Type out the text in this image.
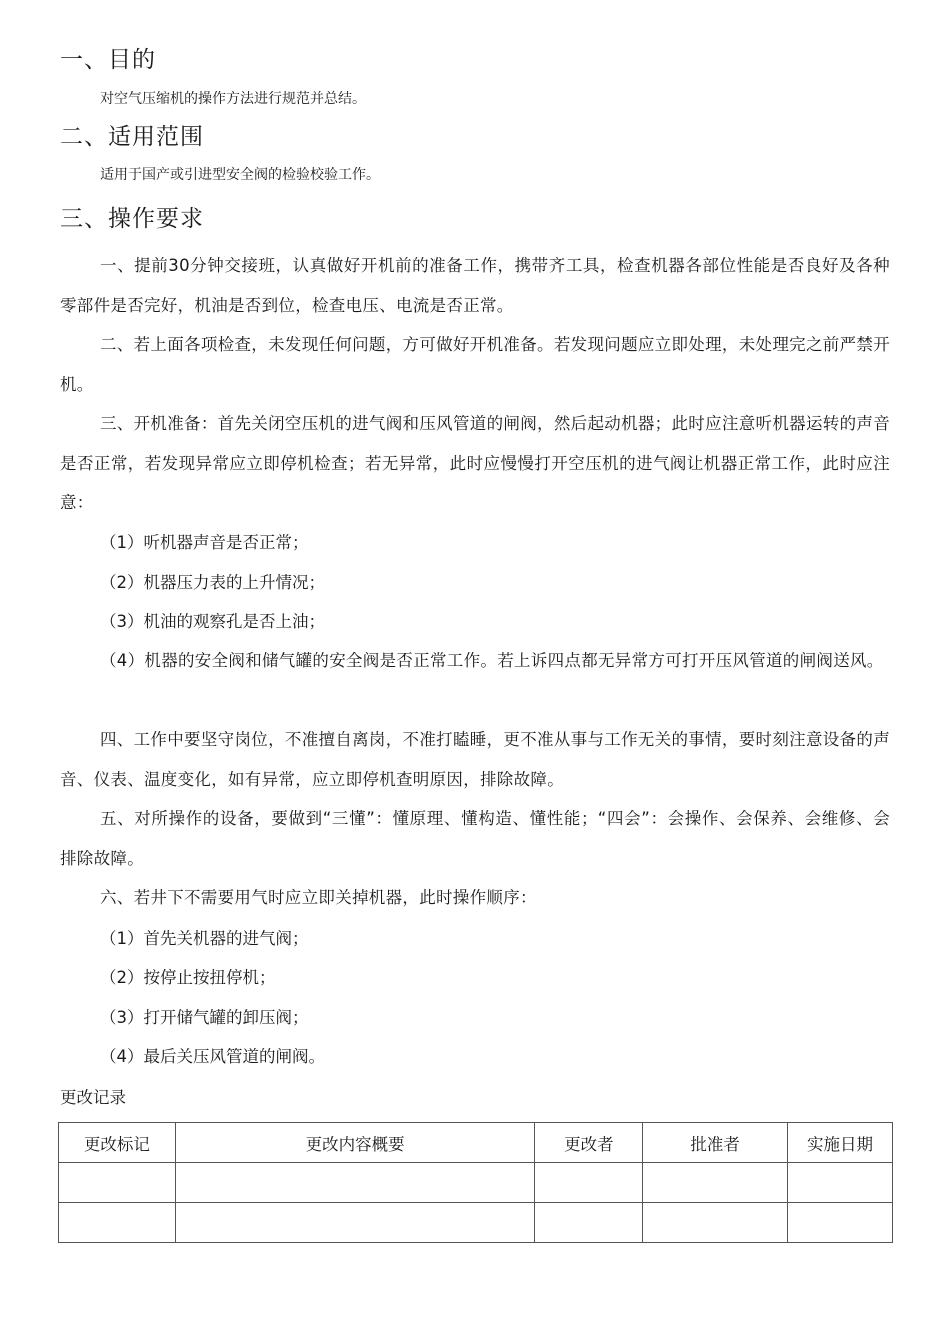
一、目的
对空气压缩机的操作方法进行规范并总结。
二、适用范围
适用于国产或引进型安全阀的检验校验工作。
三、操作要求
一、提前30分钟交接班，认真做好开机前的准备工作，携带齐工具，检查机器各部位性能是否良好及各种零部件是否完好，机油是否到位，检查电压、电流是否正常。
二、若上面各项检查，未发现任何问题，方可做好开机准备。若发现问题应立即处理，未处理完之前严禁开机。
三、开机准备：首先关闭空压机的进气阀和压风管道的闸阀，然后起动机器；此时应注意听机器运转的声音是否正常，若发现异常应立即停机检查；若无异常，此时应慢慢打开空压机的进气阀让机器正常工作，此时应注意：
（1）听机器声音是否正常；
（2）机器压力表的上升情况；
（3）机油的观察孔是否上油；
（4）机器的安全阀和储气罐的安全阀是否正常工作。若上诉四点都无异常方可打开压风管道的闸阀送风。
四、工作中要坚守岗位，不准擅自离岗，不准打瞌睡，更不准从事与工作无关的事情，要时刻注意设备的声音、仪表、温度变化，如有异常，应立即停机查明原因，排除故障。
五、对所操作的设备，要做到“三懂”：懂原理、懂构造、懂性能；“四会”：会操作、会保养、会维修、会排除故障。
六、若井下不需要用气时应立即关掉机器，此时操作顺序：
（1）首先关机器的进气阀；
（2）按停止按扭停机；
（3）打开储气罐的卸压阀；
（4）最后关压风管道的闸阀。
更改记录
更改标记	更改内容概要	更改者	批准者	实施日期
